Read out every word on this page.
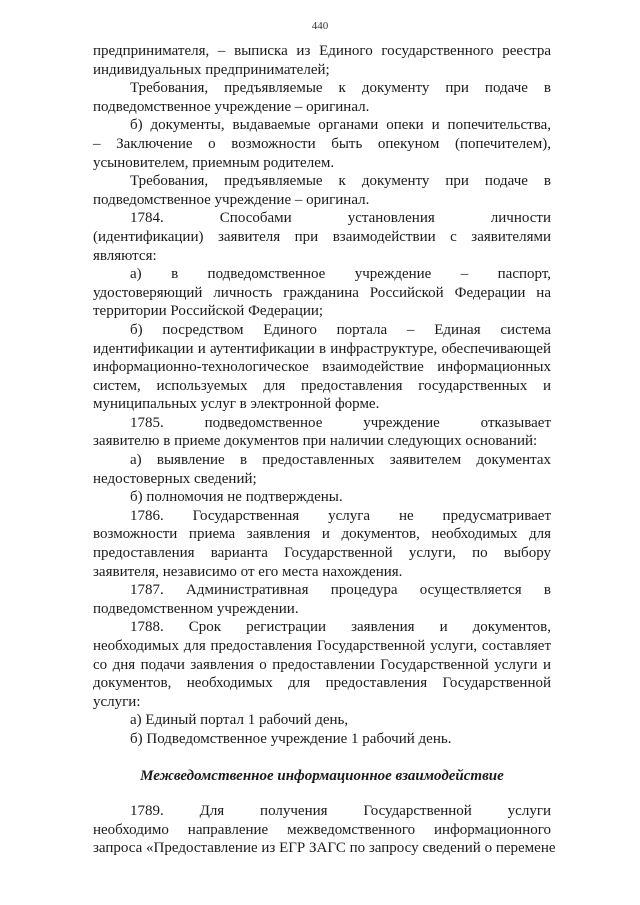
440
предпринимателя, – выписка из Единого государственного реестра
индивидуальных предпринимателей;
Требования, предъявляемые к документу при подаче в
подведомственное учреждение – оригинал.
б) документы, выдаваемые органами опеки и попечительства,
– Заключение о возможности быть опекуном (попечителем),
усыновителем, приемным родителем.
Требования, предъявляемые к документу при подаче в
подведомственное учреждение – оригинал.
1784. Способами установления личности
(идентификации) заявителя при взаимодействии с заявителями
являются:
а) в подведомственное учреждение – паспорт,
удостоверяющий личность гражданина Российской Федерации на
территории Российской Федерации;
б) посредством Единого портала – Единая система
идентификации и аутентификации в инфраструктуре, обеспечивающей
информационно-технологическое взаимодействие информационных
систем, используемых для предоставления государственных и
муниципальных услуг в электронной форме.
1785. подведомственное учреждение отказывает
заявителю в приеме документов при наличии следующих оснований:
а) выявление в предоставленных заявителем документах
недостоверных сведений;
б) полномочия не подтверждены.
1786. Государственная услуга не предусматривает
возможности приема заявления и документов, необходимых для
предоставления варианта Государственной услуги, по выбору
заявителя, независимо от его места нахождения.
1787. Административная процедура осуществляется в
подведомственном учреждении.
1788. Срок регистрации заявления и документов,
необходимых для предоставления Государственной услуги, составляет
со дня подачи заявления о предоставлении Государственной услуги и
документов, необходимых для предоставления Государственной
услуги:
а) Единый портал 1 рабочий день,
б) Подведомственное учреждение 1 рабочий день.
Межведомственное информационное взаимодействие
1789. Для получения Государственной услуги
необходимо направление межведомственного информационного
запроса «Предоставление из ЕГР ЗАГС по запросу сведений о перемене
